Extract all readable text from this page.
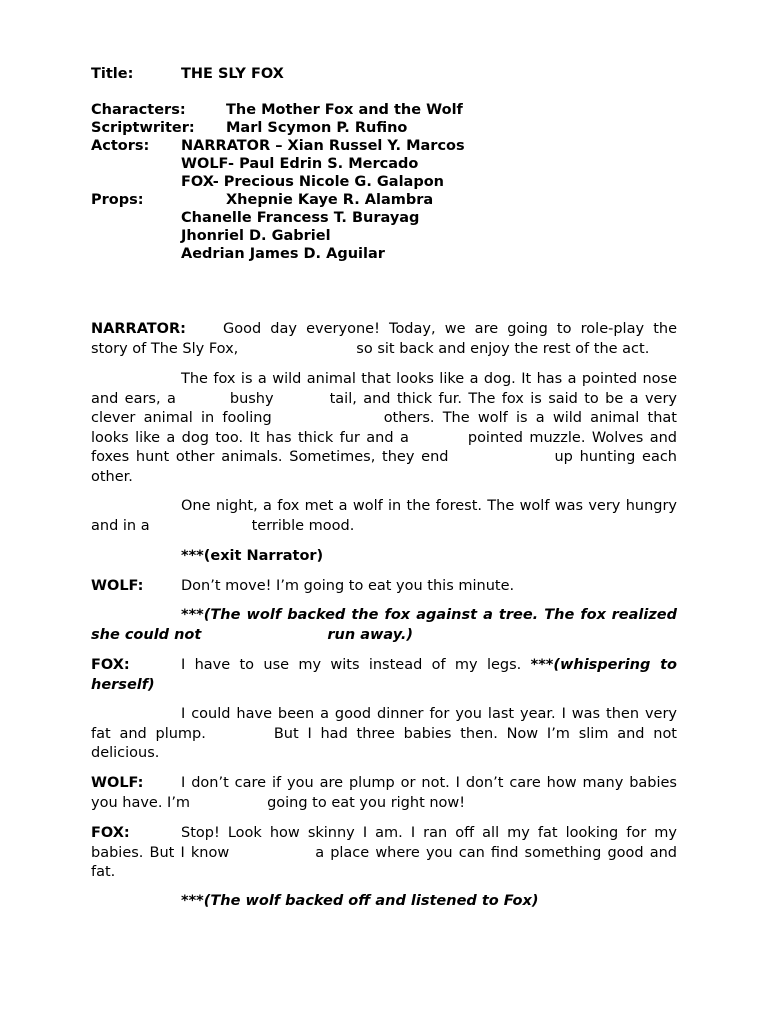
Title:	THE SLY FOX
Characters:	The Mother Fox and the Wolf
Scriptwriter: Marl Scymon P. Rufino
Actors: NARRATOR – Xian Russel Y. Marcos
WOLF- Paul Edrin S. Mercado
FOX- Precious Nicole G. Galapon
Props:	Xhepnie Kaye R. Alambra
Chanelle Francess T. Burayag
Jhonriel D. Gabriel
Aedrian James D. Aguilar
NARRATOR:	Good day everyone! Today, we are going to role-play the story of The Sly Fox,	so sit back and enjoy the rest of the act.
The fox is a wild animal that looks like a dog. It has a pointed nose and ears, a	bushy	tail, and thick fur. The fox is said to be a very clever animal in fooling	others. The wolf is a wild animal that looks like a dog too. It has thick fur and a	pointed muzzle. Wolves and foxes hunt other animals. Sometimes, they end	up hunting each other.
One night, a fox met a wolf in the forest. The wolf was very hungry and in a	terrible mood.
***(exit Narrator)
WOLF:	Don’t move! I’m going to eat you this minute.
***(The wolf backed the fox against a tree. The fox realized she could not	run away.)
FOX:	I have to use my wits instead of my legs. ***(whispering to herself)
I could have been a good dinner for you last year. I was then very fat and plump.	But I had three babies then. Now I’m slim and not delicious.
WOLF:	I don’t care if you are plump or not. I don’t care how many babies you have. I’m	going to eat you right now!
FOX:	Stop! Look how skinny I am. I ran off all my fat looking for my babies. But I know	a place where you can find something good and fat.
***(The wolf backed off and listened to Fox)
